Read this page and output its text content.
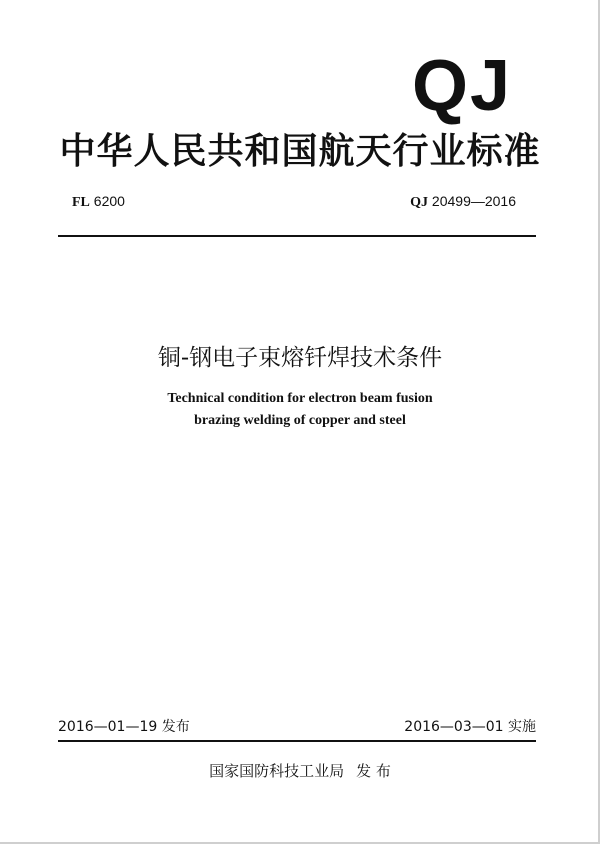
QJ
中华人民共和国航天行业标准
FL 6200	QJ 20499—2016
铜-钢电子束熔钎焊技术条件
Technical condition for electron beam fusion
brazing welding of copper and steel
2016—01—19 发布	2016—03—01 实施
国家国防科技工业局 发 布
